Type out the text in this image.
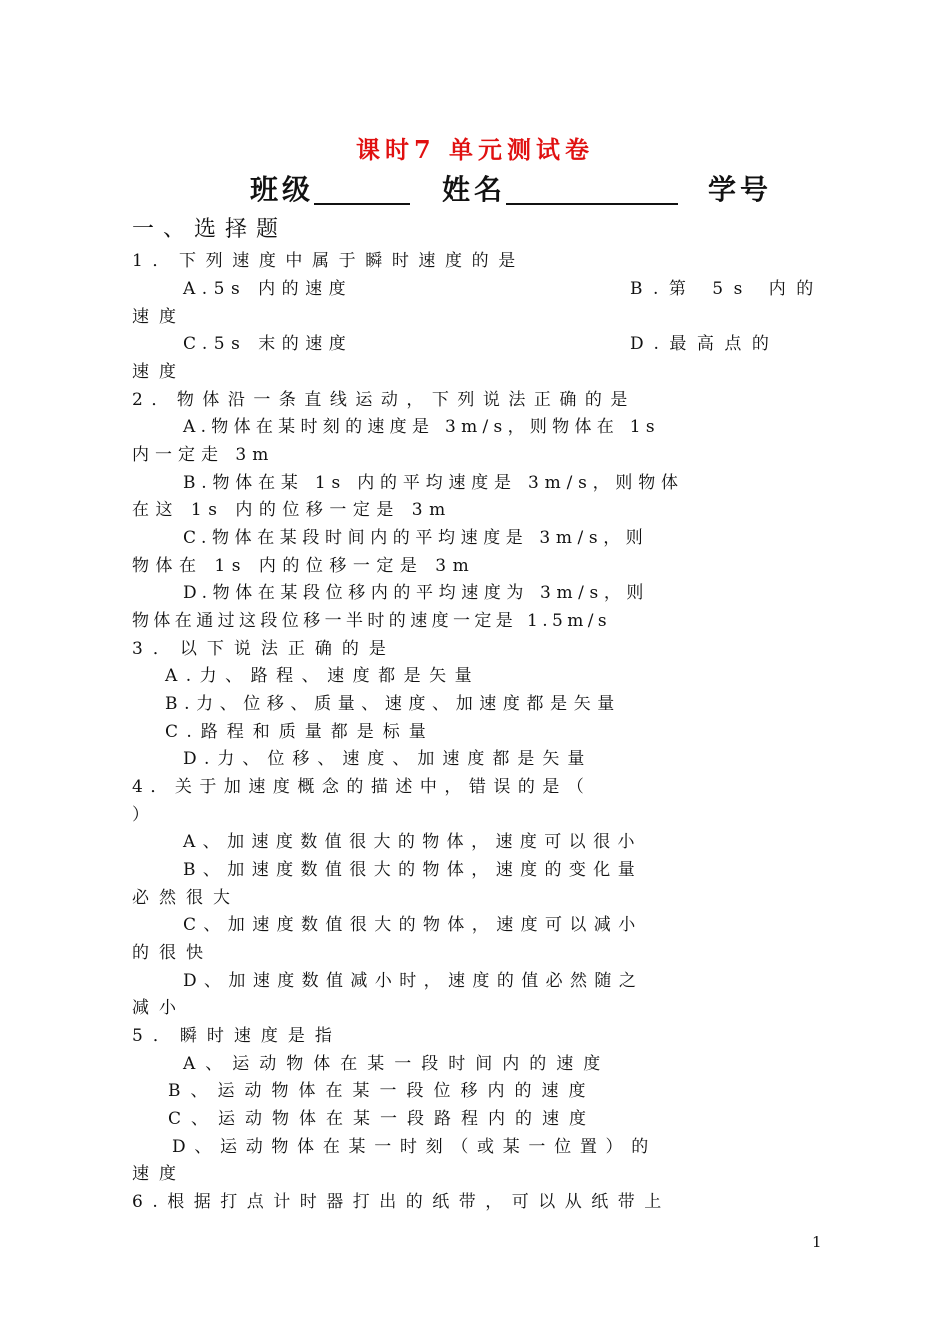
课时7 单元测试卷
班级	姓名	学号
一、选择题
1．下列速度中属于瞬时速度的是
A.5s 内的速度	B.第 5s 内的
速度
C.5s 末的速度	D.最高点的
速度
2．物体沿一条直线运动，下列说法正确的是
A.物体在某时刻的速度是 3m/s，则物体在 1s
内一定走 3m
B.物体在某 1s 内的平均速度是 3m/s，则物体
在这 1s 内的位移一定是 3m
C.物体在某段时间内的平均速度是 3m/s，则
物体在 1s 内的位移一定是 3m
D.物体在某段位移内的平均速度为 3m/s，则
物体在通过这段位移一半时的速度一定是 1.5m/s
3．以下说法正确的是
A.力、路程、速度都是矢量
B.力、位移、质量、速度、加速度都是矢量
C.路程和质量都是标量
D.力、位移、速度、加速度都是矢量
4．关于加速度概念的描述中，错误的是（
）
A、加速度数值很大的物体，速度可以很小
B、加速度数值很大的物体，速度的变化量
必然很大
C、加速度数值很大的物体，速度可以减小
的很快
D、加速度数值减小时，速度的值必然随之
减小
5．瞬时速度是指
A、运动物体在某一段时间内的速度
B、运动物体在某一段位移内的速度
C、运动物体在某一段路程内的速度
D、运动物体在某一时刻（或某一位置）的
速度
6.根据打点计时器打出的纸带，可以从纸带上
1
